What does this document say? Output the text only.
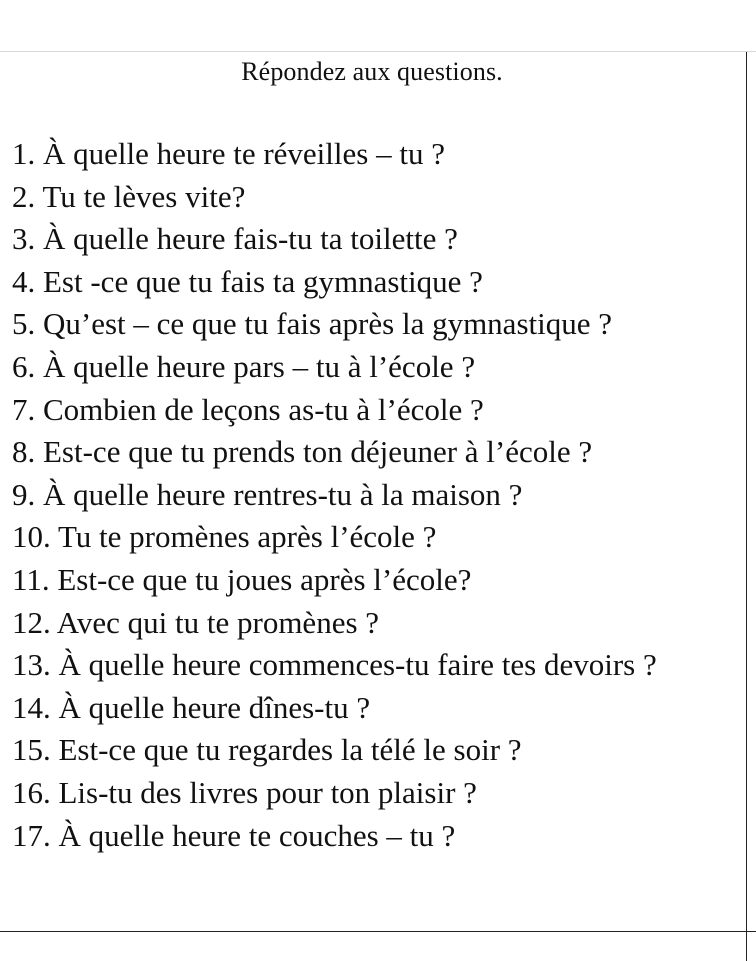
Répondez aux questions.
1. À quelle heure te réveilles – tu ?
2. Tu te lèves vite?
3. À quelle heure fais-tu ta toilette ?
4. Est -ce que tu fais ta gymnastique ?
5. Qu’est – ce que tu fais après la gymnastique ?
6. À quelle heure pars – tu à l’école ?
7. Combien de leçons as-tu à l’école ?
8. Est-ce que tu prends ton déjeuner à l’école ?
9. À quelle heure rentres-tu à la maison ?
10. Tu te promènes après l’école ?
11. Est-ce que tu joues après l’école?
12. Avec qui tu te promènes ?
13. À quelle heure commences-tu faire tes devoirs ?
14. À quelle heure dînes-tu ?
15. Est-ce que tu regardes la télé le soir ?
16. Lis-tu des livres pour ton plaisir ?
17. À quelle heure te couches – tu ?
